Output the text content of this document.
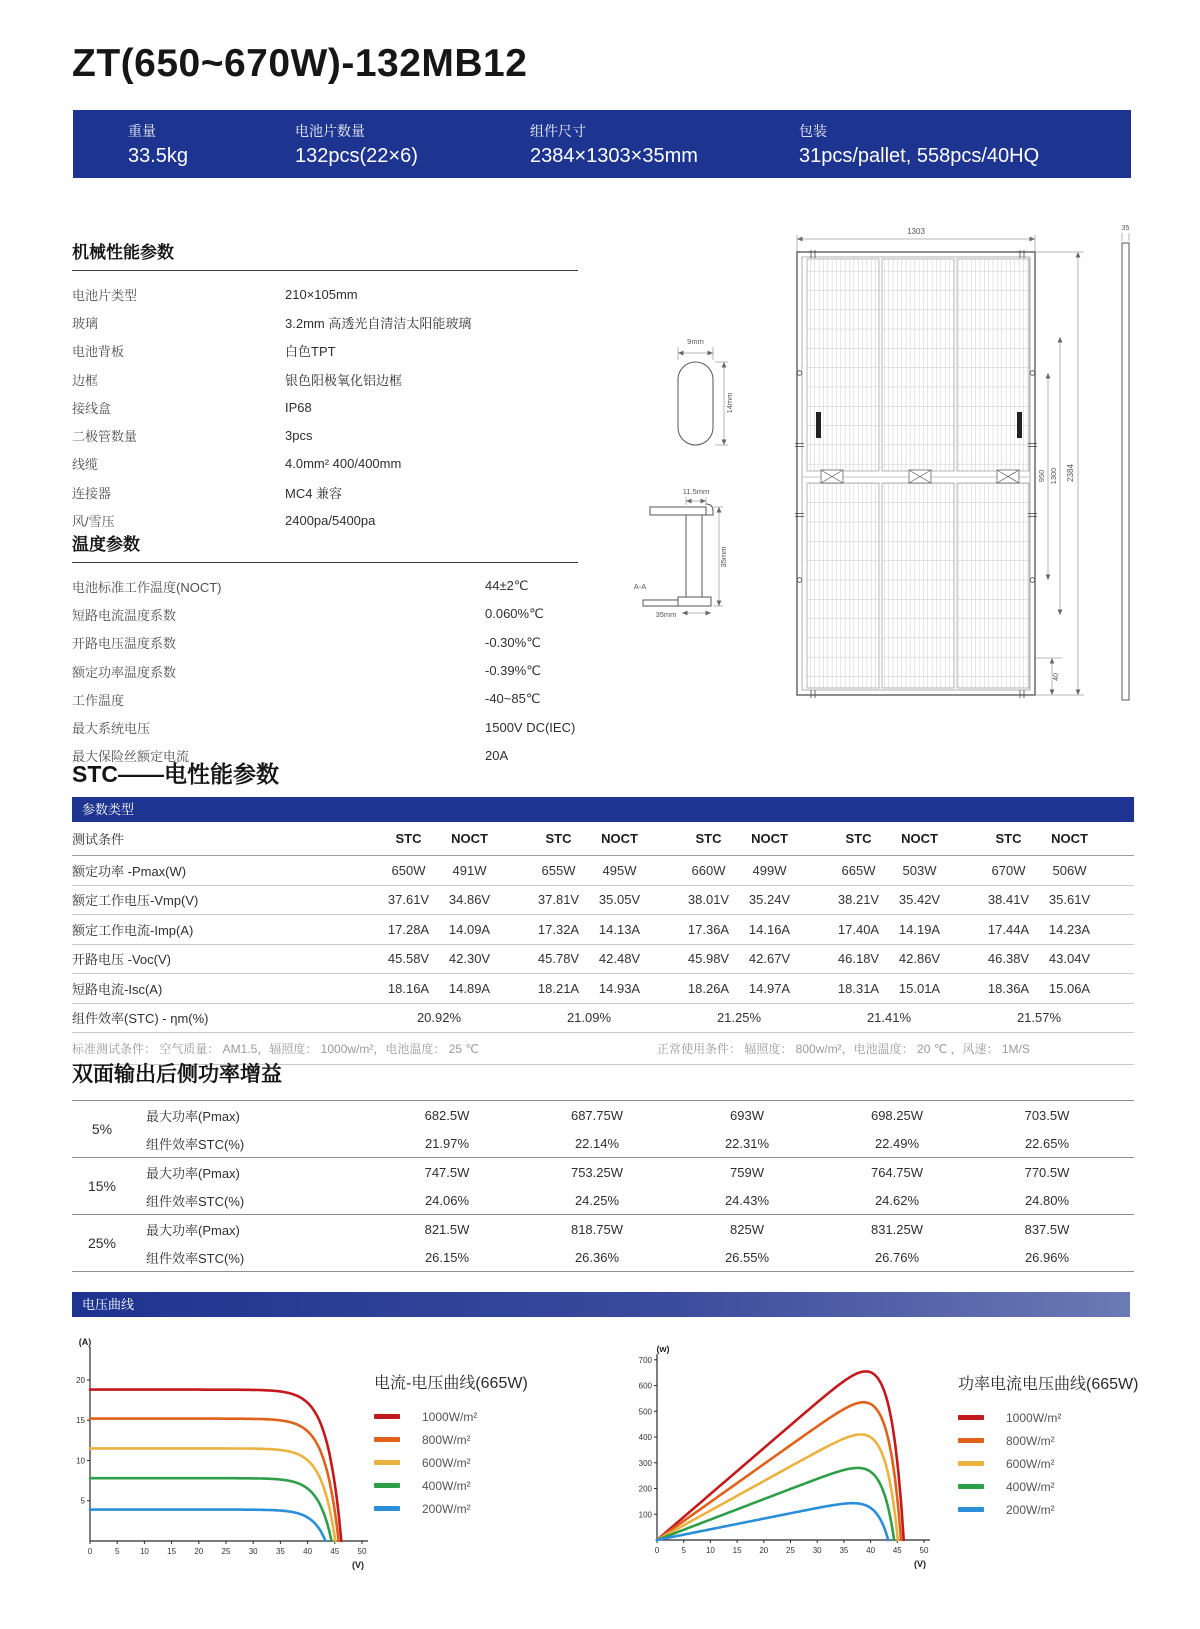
ZT(650~670W)-132MB12
重量
33.5kg
电池片数量
132pcs(22×6)
组件尺寸
2384×1303×35mm
包装
31pcs/pallet, 558pcs/40HQ
机械性能参数
电池片类型	210×105mm
玻璃	3.2mm 高透光自清洁太阳能玻璃
电池背板	白色TPT
边框	银色阳极氧化铝边框
接线盒	IP68
二极管数量	3pcs
线缆	4.0mm² 400/400mm
连接器	MC4 兼容
风/雪压	2400pa/5400pa
温度参数
电池标准工作温度(NOCT)	44±2℃
短路电流温度系数	0.060%℃
开路电压温度系数	-0.30%℃
额定功率温度系数	-0.39%℃
工作温度	-40~85℃
最大系统电压	1500V DC(IEC)
最大保险丝额定电流	20A
1303
2384
1300
950
40
35
9mm
14mm
11.5mm
35mm
35mm
A-A
STC——电性能参数
参数类型
测试条件	STC	NOCT	STC	NOCT	STC	NOCT	STC	NOCT	STC	NOCT
额定功率 -Pmax(W)	650W	491W	655W	495W	660W	499W	665W	503W	670W	506W
额定工作电压-Vmp(V)	37.61V	34.86V	37.81V	35.05V	38.01V	35.24V	38.21V	35.42V	38.41V	35.61V
额定工作电流-Imp(A)	17.28A	14.09A	17.32A	14.13A	17.36A	14.16A	17.40A	14.19A	17.44A	14.23A
开路电压 -Voc(V)	45.58V	42.30V	45.78V	42.48V	45.98V	42.67V	46.18V	42.86V	46.38V	43.04V
短路电流-Isc(A)	18.16A	14.89A	18.21A	14.93A	18.26A	14.97A	18.31A	15.01A	18.36A	15.06A
组件效率(STC) - ηm(%)	20.92%	21.09%	21.25%	21.41%	21.57%
标准测试条件： 空气质量： AM1.5，辐照度： 1000w/m²，电池温度： 25 ℃	正常使用条件： 辐照度： 800w/m²，电池温度： 20 ℃ ，风速： 1M/S
双面输出后侧功率增益
5%
最大功率(Pmax)	682.5W	687.75W	693W	698.25W	703.5W
组件效率STC(%)	21.97%	22.14%	22.31%	22.49%	22.65%
15%
最大功率(Pmax)	747.5W	753.25W	759W	764.75W	770.5W
组件效率STC(%)	24.06%	24.25%	24.43%	24.62%	24.80%
25%
最大功率(Pmax)	821.5W	818.75W	825W	831.25W	837.5W
组件效率STC(%)	26.15%	26.36%	26.55%	26.76%	26.96%
电压曲线
0	5	10 15 20 25 30 35 40 45 50
5
10
15
20
(A)
(V)
电流-电压曲线(665W)
1000W/m²
800W/m²
600W/m²
400W/m²
200W/m²
0	5	10 15 20 25 30 35 40 45 50
100
200
300
400
500
600
700
(w)
(V)
功率电流电压曲线(665W)
1000W/m²
800W/m²
600W/m²
400W/m²
200W/m²
